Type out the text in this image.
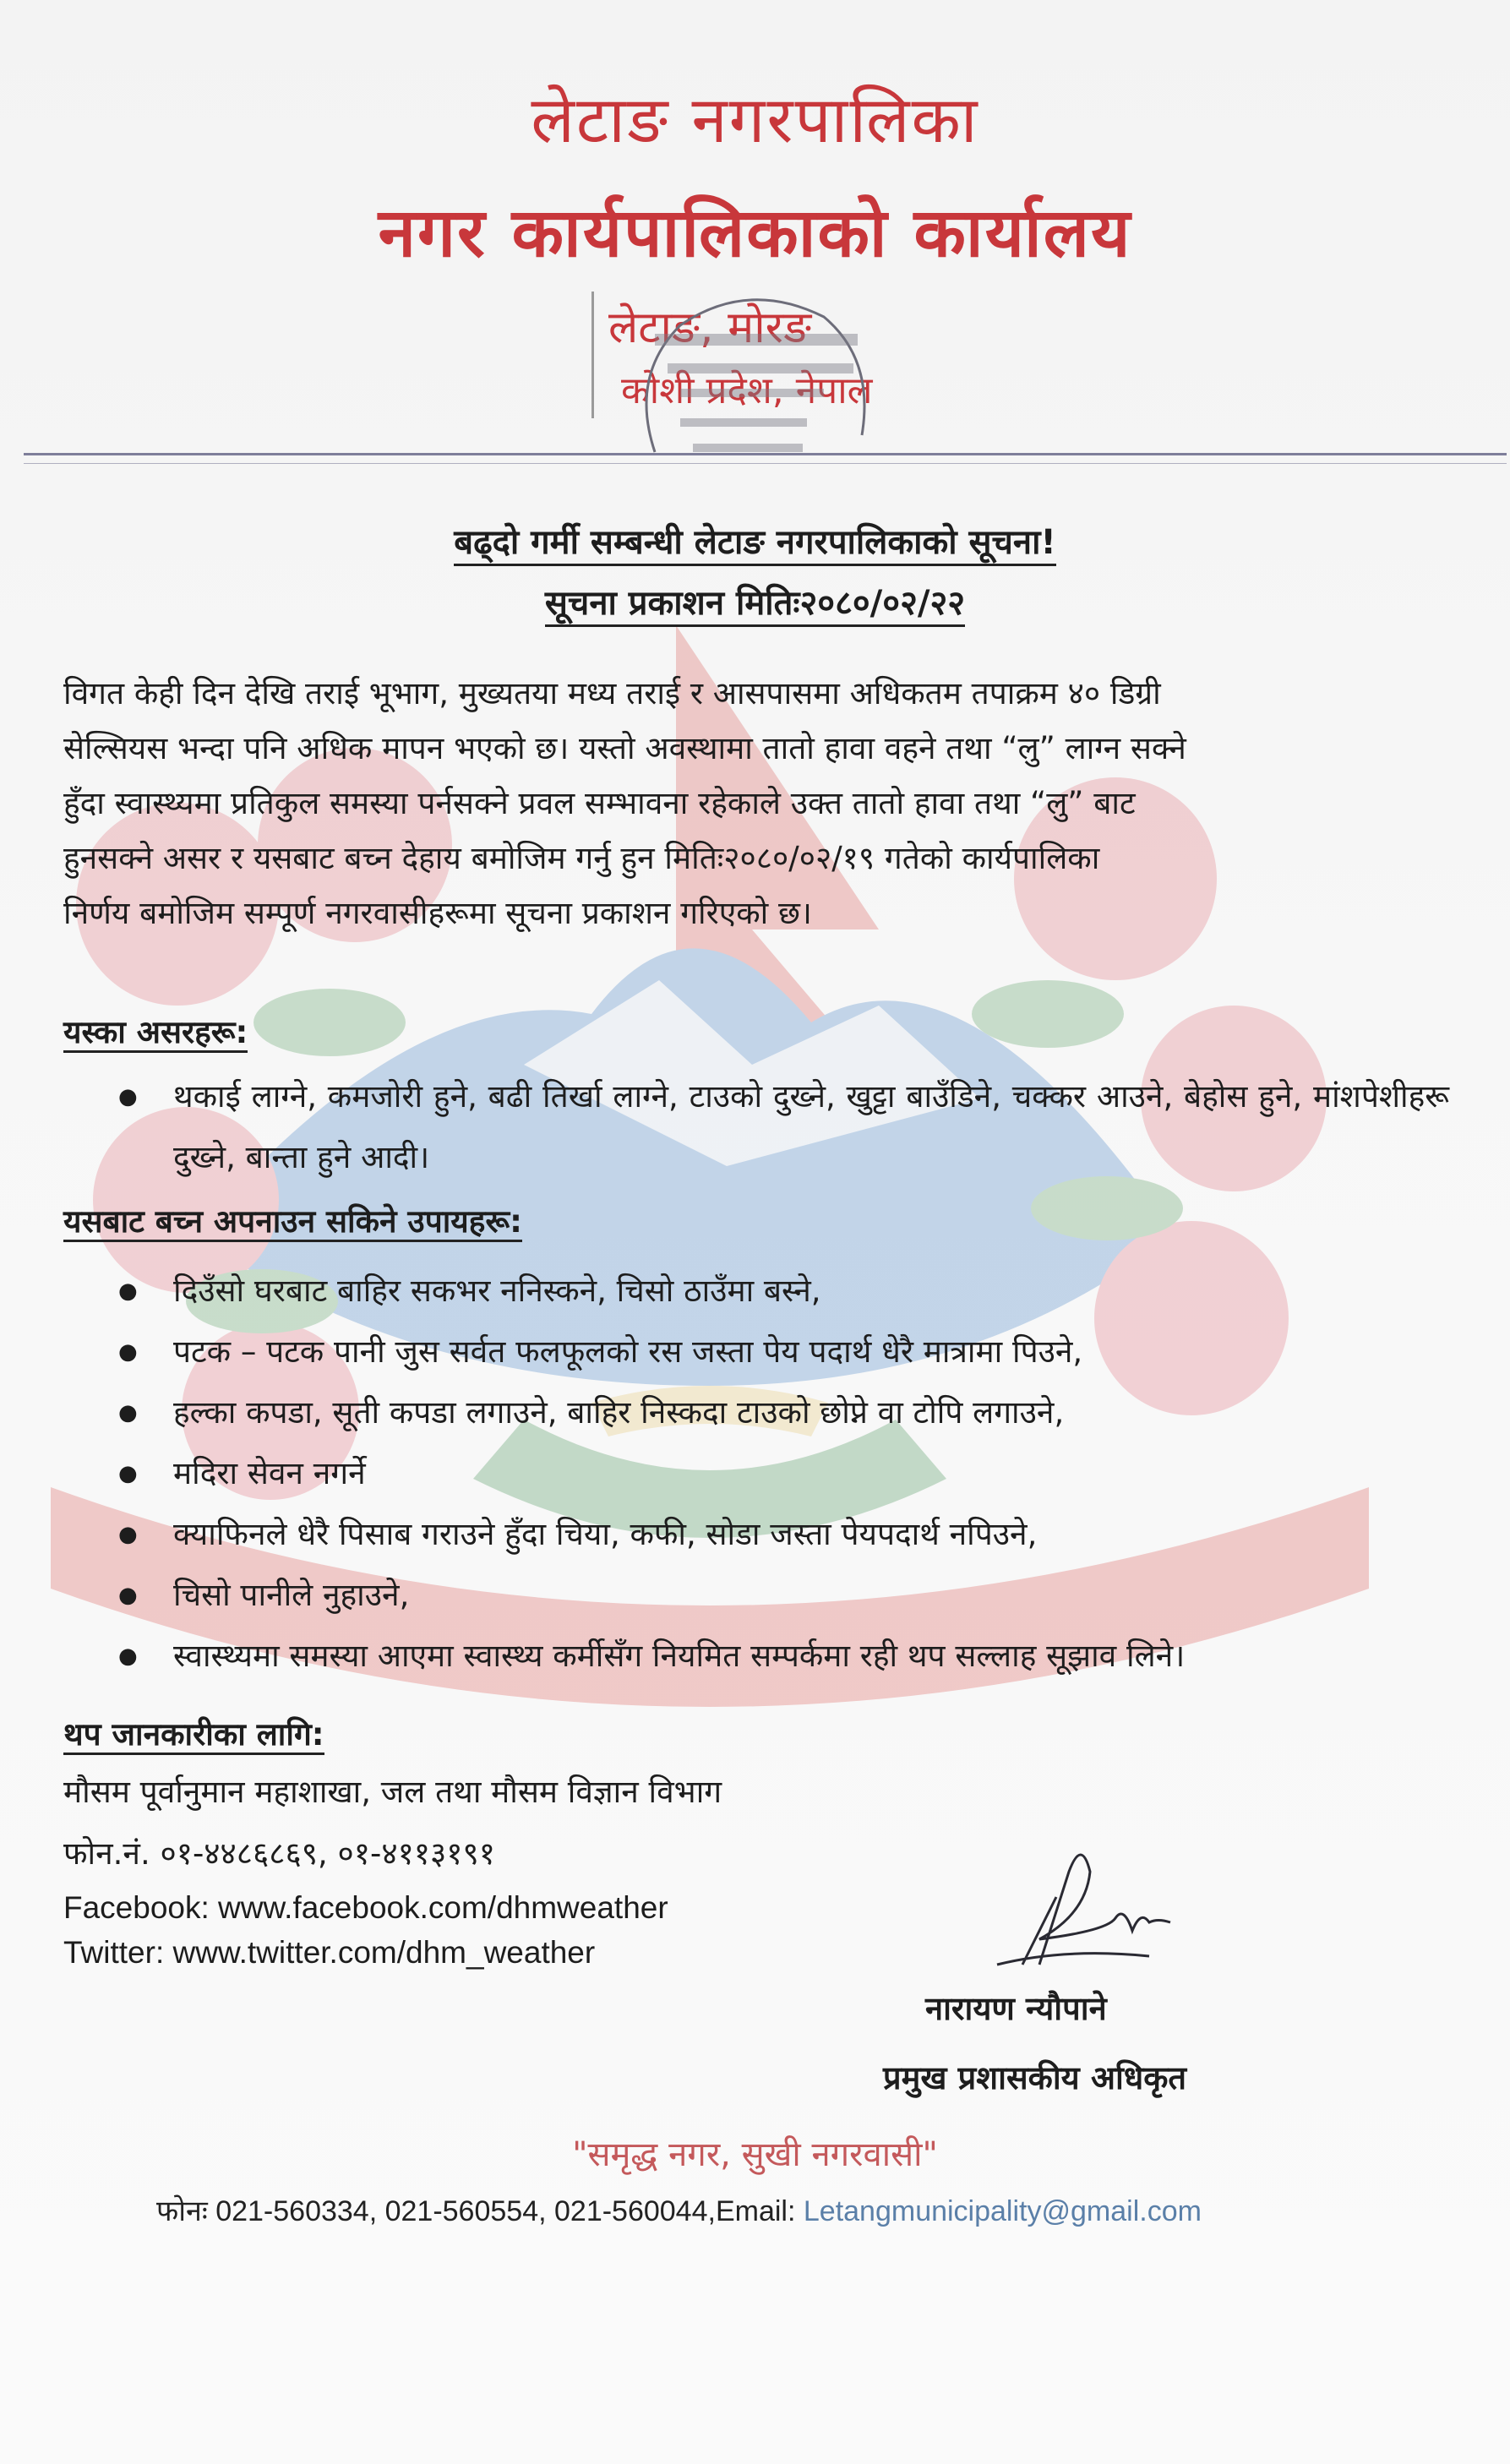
लेटाङ नगरपालिका
नगर कार्यपालिकाको कार्यालय
लेटाङ, मोरङ
कोशी प्रदेश, नेपाल
बढ्दो गर्मी सम्बन्धी लेटाङ नगरपालिकाको सूचना!
सूचना प्रकाशन मितिः२०८०/०२/२२
विगत केही दिन देखि तराई भूभाग, मुख्यतया मध्य तराई र आसपासमा अधिकतम तपाक्रम ४० डिग्री
सेल्सियस भन्दा पनि अधिक मापन भएको छ। यस्तो अवस्थामा तातो हावा वहने तथा “लु” लाग्न सक्ने
हुँदा स्वास्थ्यमा प्रतिकुल समस्या पर्नसक्ने प्रवल सम्भावना रहेकाले उक्त तातो हावा तथा “लु” बाट
हुनसक्ने असर र यसबाट बच्न देहाय बमोजिम गर्नु हुन मितिः२०८०/०२/१९ गतेको कार्यपालिका
निर्णय बमोजिम सम्पूर्ण नगरवासीहरूमा सूचना प्रकाशन गरिएको छ।
यस्का असरहरू:
● थकाई लाग्ने, कमजोरी हुने, बढी तिर्खा लाग्ने, टाउको दुख्ने, खुट्टा बाउँडिने, चक्कर आउने, बेहोस हुने, मांशपेशीहरू दुख्ने, बान्ता हुने आदी।
यसबाट बच्न अपनाउन सकिने उपायहरू:
● दिउँसो घरबाट बाहिर सकभर ननिस्कने, चिसो ठाउँमा बस्ने,
● पटक – पटक पानी जुस सर्वत फलफूलको रस जस्ता पेय पदार्थ धेरै मात्रामा पिउने,
● हल्का कपडा, सूती कपडा लगाउने, बाहिर निस्कदा टाउको छोप्ने वा टोपि लगाउने,
● मदिरा सेवन नगर्ने
● क्याफिनले धेरै पिसाब गराउने हुँदा चिया, कफी, सोडा जस्ता पेयपदार्थ नपिउने,
● चिसो पानीले नुहाउने,
● स्वास्थ्यमा समस्या आएमा स्वास्थ्य कर्मीसँग नियमित सम्पर्कमा रही थप सल्लाह सूझाव लिने।
थप जानकारीका लागि:
मौसम पूर्वानुमान महाशाखा, जल तथा मौसम विज्ञान विभाग
फोन.नं. ०१-४४८६८६९, ०१-४११३१९१
Facebook: www.facebook.com/dhmweather
Twitter: www.twitter.com/dhm_weather
नारायण न्यौपाने
प्रमुख प्रशासकीय अधिकृत
"समृद्ध नगर, सुखी नगरवासी"
फोनः 021-560334, 021-560554, 021-560044,Email: Letangmunicipality@gmail.com
